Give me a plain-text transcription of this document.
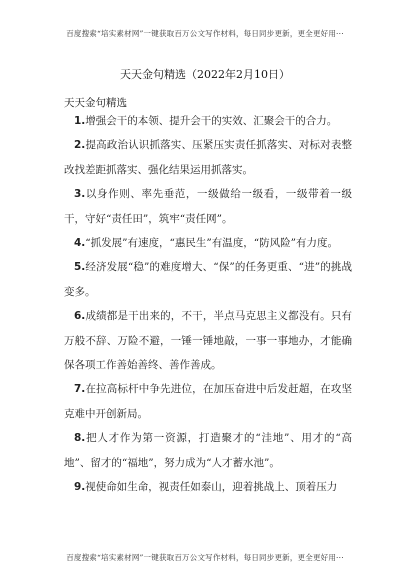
百度搜索“培实素材网”一键获取百万公文写作材料，每日同步更新，更全更好用···
天天金句精选（2022年2月10日）
天天金句精选

1.增强会干的本领、提升会干的实效、汇聚会干的合力。

2.提高政治认识抓落实、压紧压实责任抓落实、对标对表整改找差距抓落实、强化结果运用抓落实。

3.以身作则、率先垂范，一级做给一级看，一级带着一级干，守好“责任田”，筑牢“责任网”。

4.“抓发展”有速度，“惠民生”有温度，“防风险”有力度。

5.经济发展“稳”的难度增大、“保”的任务更重、“进”的挑战变多。

6.成绩都是干出来的，不干，半点马克思主义都没有。只有万般不辞、万险不避，一锤一锤地敲，一事一事地办，才能确保各项工作善始善终、善作善成。

7.在拉高标杆中争先进位，在加压奋进中后发赶超，在攻坚克难中开创新局。

8.把人才作为第一资源，打造聚才的“洼地”、用才的“高地”、留才的“福地”，努力成为“人才蓄水池”。

9.视使命如生命，视责任如泰山，迎着挑战上、顶着压力

百度搜索“培实素材网”一键获取百万公文写作材料，每日同步更新，更全更好用···
